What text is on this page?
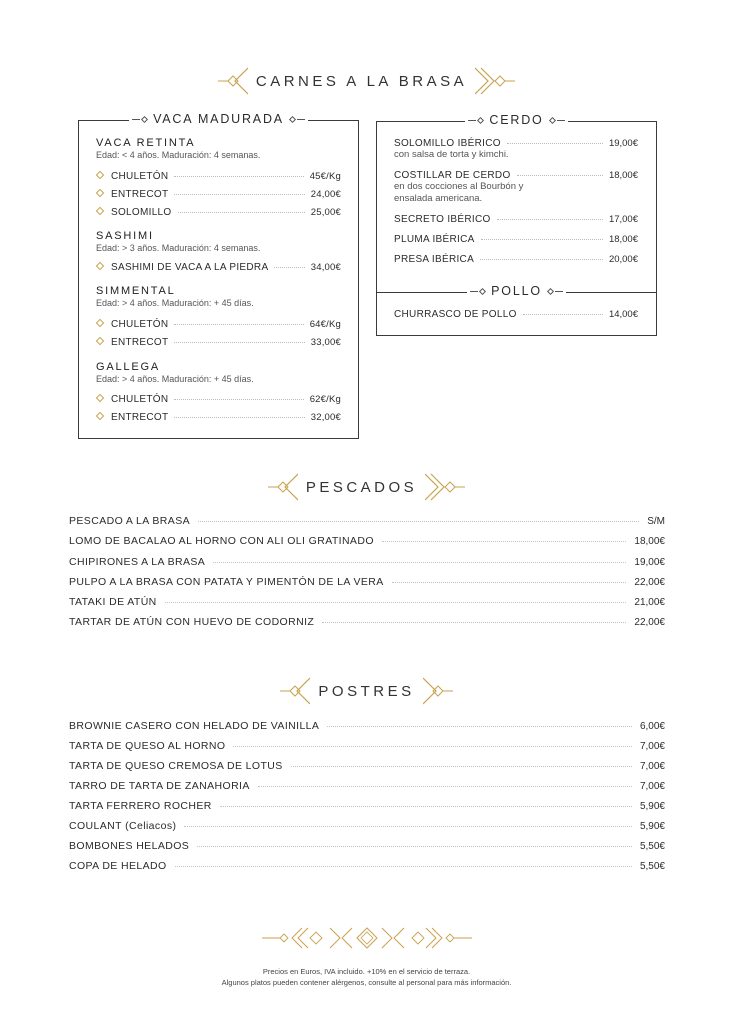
CARNES A LA BRASA
VACA MADURADA
VACA RETINTA
Edad: < 4 años. Maduración: 4 semanas.
CHULETÓN	45€/Kg
ENTRECOT	24,00€
SOLOMILLO	25,00€
SASHIMI
Edad: > 3 años. Maduración: 4 semanas.
SASHIMI DE VACA A LA PIEDRA	34,00€
SIMMENTAL
Edad: > 4 años. Maduración: + 45 días.
CHULETÓN	64€/Kg
ENTRECOT	33,00€
GALLEGA
Edad: > 4 años. Maduración: + 45 días.
CHULETÓN	62€/Kg
ENTRECOT	32,00€
CERDO
SOLOMILLO IBÉRICO	19,00€
con salsa de torta y kimchi.
COSTILLAR DE CERDO	18,00€
en dos cocciones al Bourbón y
ensalada americana.
SECRETO IBÉRICO	17,00€
PLUMA IBÉRICA	18,00€
PRESA IBÉRICA	20,00€
POLLO
CHURRASCO DE POLLO	14,00€
PESCADOS
PESCADO A LA BRASA	S/M
LOMO DE BACALAO AL HORNO CON ALI OLI GRATINADO	18,00€
CHIPIRONES A LA BRASA	19,00€
PULPO A LA BRASA CON PATATA Y PIMENTÓN DE LA VERA	22,00€
TATAKI DE ATÚN	21,00€
TARTAR DE ATÚN CON HUEVO DE CODORNIZ	22,00€
POSTRES
BROWNIE CASERO CON HELADO DE VAINILLA	6,00€
TARTA DE QUESO AL HORNO	7,00€
TARTA DE QUESO CREMOSA DE LOTUS	7,00€
TARRO DE TARTA DE ZANAHORIA	7,00€
TARTA FERRERO ROCHER	5,90€
COULANT (Celiacos)	5,90€
BOMBONES HELADOS	5,50€
COPA DE HELADO	5,50€
Precios en Euros, IVA incluido. +10% en el servicio de terraza.
Algunos platos pueden contener alérgenos, consulte al personal para más información.
